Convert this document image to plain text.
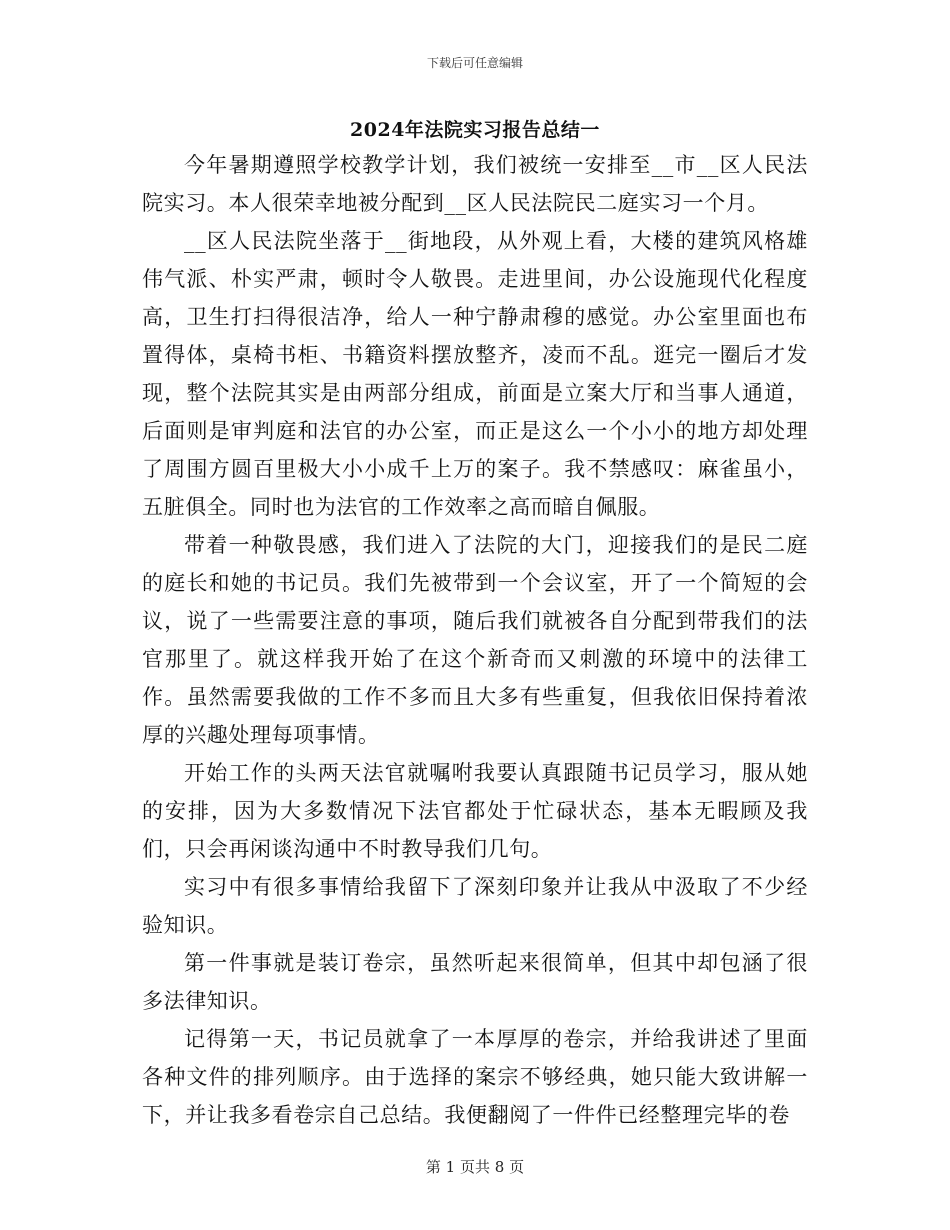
下载后可任意编辑
2024年法院实习报告总结一

今年暑期遵照学校教学计划，我们被统一安排至__市__区人民法院实习。本人很荣幸地被分配到__区人民法院民二庭实习一个月。

__区人民法院坐落于__街地段，从外观上看，大楼的建筑风格雄伟气派、朴实严肃，顿时令人敬畏。走进里间，办公设施现代化程度高，卫生打扫得很洁净，给人一种宁静肃穆的感觉。办公室里面也布置得体，桌椅书柜、书籍资料摆放整齐，凌而不乱。逛完一圈后才发现，整个法院其实是由两部分组成，前面是立案大厅和当事人通道，后面则是审判庭和法官的办公室，而正是这么一个小小的地方却处理了周围方圆百里极大小小成千上万的案子。我不禁感叹：麻雀虽小，五脏俱全。同时也为法官的工作效率之高而暗自佩服。

带着一种敬畏感，我们进入了法院的大门，迎接我们的是民二庭的庭长和她的书记员。我们先被带到一个会议室，开了一个简短的会议，说了一些需要注意的事项，随后我们就被各自分配到带我们的法官那里了。就这样我开始了在这个新奇而又刺激的环境中的法律工作。虽然需要我做的工作不多而且大多有些重复，但我依旧保持着浓厚的兴趣处理每项事情。

开始工作的头两天法官就嘱咐我要认真跟随书记员学习，服从她的安排，因为大多数情况下法官都处于忙碌状态，基本无暇顾及我们，只会再闲谈沟通中不时教导我们几句。

实习中有很多事情给我留下了深刻印象并让我从中汲取了不少经验知识。

第一件事就是装订卷宗，虽然听起来很简单，但其中却包涵了很多法律知识。

记得第一天，书记员就拿了一本厚厚的卷宗，并给我讲述了里面各种文件的排列顺序。由于选择的案宗不够经典，她只能大致讲解一下，并让我多看卷宗自己总结。我便翻阅了一件件已经整理完毕的卷

第 1 页共 8 页
